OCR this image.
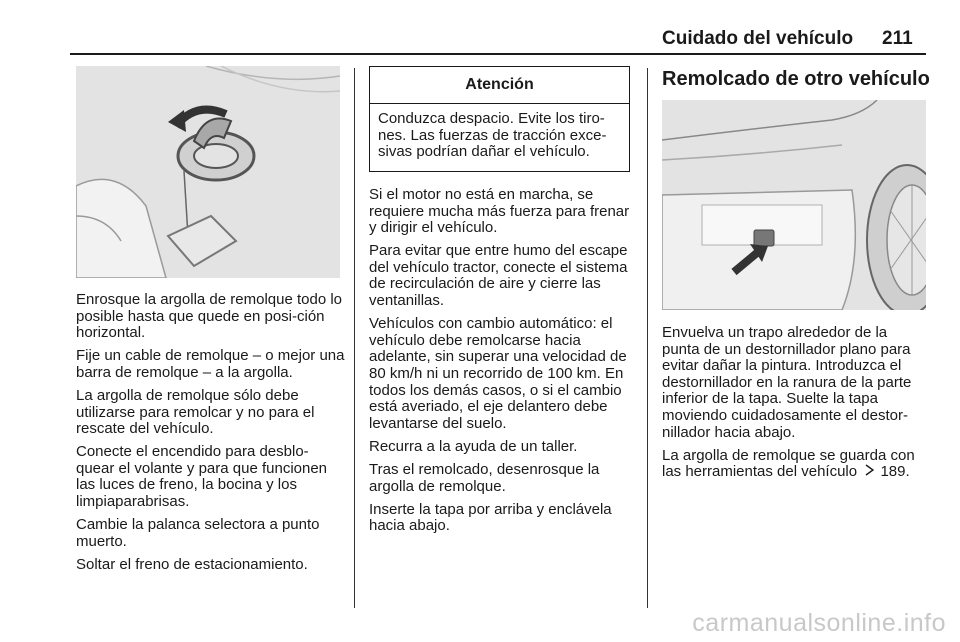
Cuidado del vehículo 211

Enrosque la argolla de remolque todo lo posible hasta que quede en posi-ción horizontal.

Fije un cable de remolque – o mejor una barra de remolque – a la argolla.

La argolla de remolque sólo debe utilizarse para remolcar y no para el rescate del vehículo.

Conecte el encendido para desblo-quear el volante y para que funcionen las luces de freno, la bocina y los limpiaparabrisas.

Cambie la palanca selectora a punto muerto.

Soltar el freno de estacionamiento.

Atención
Conduzca despacio. Evite los tiro-nes. Las fuerzas de tracción exce-sivas podrían dañar el vehículo.

Si el motor no está en marcha, se requiere mucha más fuerza para frenar y dirigir el vehículo.

Para evitar que entre humo del escape del vehículo tractor, conecte el sistema de recirculación de aire y cierre las ventanillas.

Vehículos con cambio automático: el vehículo debe remolcarse hacia adelante, sin superar una velocidad de 80 km/h ni un recorrido de 100 km. En todos los demás casos, o si el cambio está averiado, el eje delantero debe levantarse del suelo.

Recurra a la ayuda de un taller.

Tras el remolcado, desenrosque la argolla de remolque.

Inserte la tapa por arriba y enclávela hacia abajo.

Remolcado de otro vehículo

Envuelva un trapo alrededor de la punta de un destornillador plano para evitar dañar la pintura. Introduzca el destornillador en la ranura de la parte inferior de la tapa. Suelte la tapa moviendo cuidadosamente el destor-nillador hacia abajo.

La argolla de remolque se guarda con las herramientas del vehículo 189.

carmanualsonline.info
